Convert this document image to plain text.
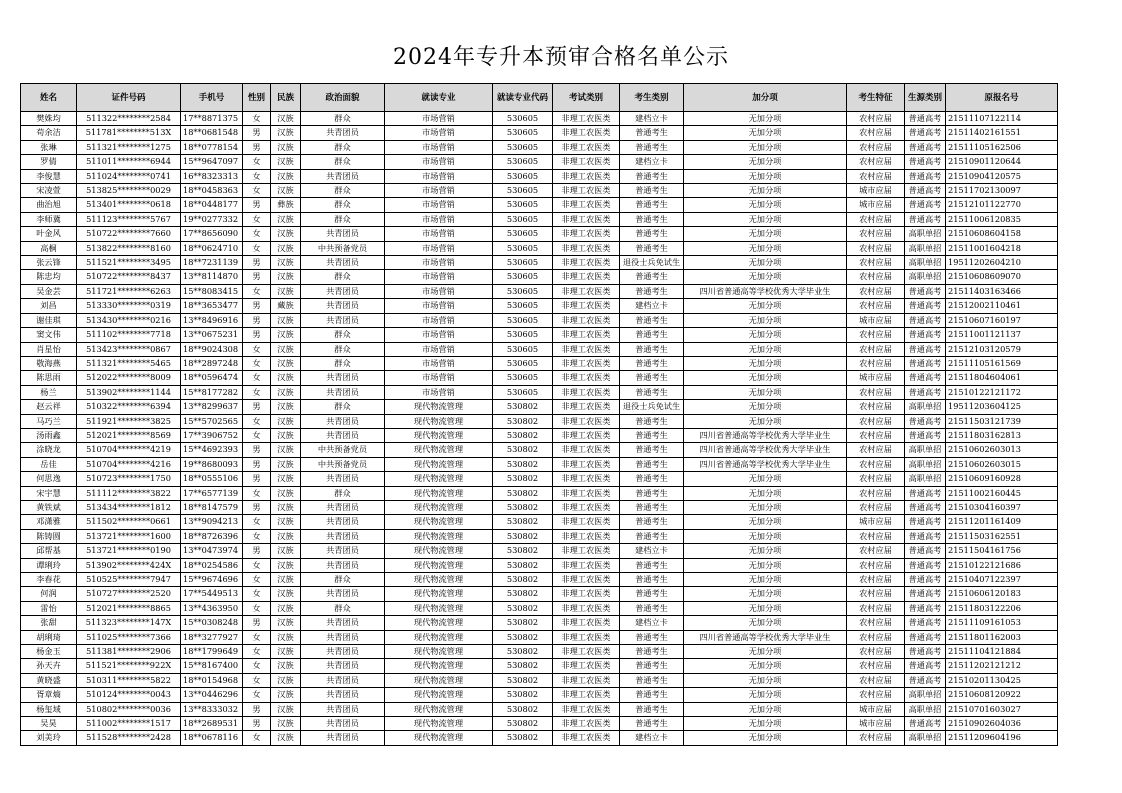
2024年专升本预审合格名单公示
姓名	证件号码	手机号	性别	民族	政治面貌	就读专业	就读专业代码	考试类别	考生类别	加分项	考生特征	生源类别	原报名号
樊姝均	511322********2584	17**8871375	女	汉族	群众	市场营销	530605	非理工农医类	建档立卡	无加分项	农村应届	普通高考	21511107122114
苟余洁	511781********513X	18**0681548	男	汉族	共青团员	市场营销	530605	非理工农医类	普通考生	无加分项	农村应届	普通高考	21511402161551
张琳	511321********1275	18**0778154	男	汉族	群众	市场营销	530605	非理工农医类	普通考生	无加分项	农村应届	普通高考	21511105162506
罗倩	511011********6944	15**9647097	女	汉族	群众	市场营销	530605	非理工农医类	建档立卡	无加分项	农村应届	普通高考	21510901120644
李俊慧	511024********0741	16**8323313	女	汉族	共青团员	市场营销	530605	非理工农医类	普通考生	无加分项	农村应届	普通高考	21510904120575
宋凌萱	513825********0029	18**0458363	女	汉族	群众	市场营销	530605	非理工农医类	普通考生	无加分项	城市应届	普通高考	21511702130097
曲治旭	513401********0618	18**0448177	男	彝族	群众	市场营销	530605	非理工农医类	普通考生	无加分项	城市应届	普通高考	21512101122770
李师冀	511123********5767	19**0277332	女	汉族	群众	市场营销	530605	非理工农医类	普通考生	无加分项	农村应届	普通高考	21511006120835
叶金风	510722********7660	17**8656090	女	汉族	共青团员	市场营销	530605	非理工农医类	普通考生	无加分项	农村应届	高职单招	21510608604158
高桐	513822********8160	18**0624710	女	汉族	中共预备党员	市场营销	530605	非理工农医类	普通考生	无加分项	农村应届	高职单招	21511001604218
张云锋	511521********3495	18**7231139	男	汉族	共青团员	市场营销	530605	非理工农医类	退役士兵免试生	无加分项	农村应届	高职单招	19511202604210
陈忠均	510722********8437	13**8114870	男	汉族	群众	市场营销	530605	非理工农医类	普通考生	无加分项	农村应届	高职单招	21510608609070
吴金芸	511721********6263	15**8083415	女	汉族	共青团员	市场营销	530605	非理工农医类	普通考生	四川省普通高等学校优秀大学毕业生	农村应届	普通高考	21511403163466
刘昌	513330********0319	18**3653477	男	藏族	共青团员	市场营销	530605	非理工农医类	建档立卡	无加分项	农村应届	普通高考	21512002110461
谢佳琪	513430********0216	13**8496916	男	汉族	共青团员	市场营销	530605	非理工农医类	普通考生	无加分项	城市应届	普通高考	21510607160197
窦文伟	511102********7718	13**0675231	男	汉族	群众	市场营销	530605	非理工农医类	普通考生	无加分项	农村应届	普通高考	21511001121137
肖星怡	513423********0867	18**9024308	女	汉族	群众	市场营销	530605	非理工农医类	普通考生	无加分项	农村应届	普通高考	21512103120579
敬海燕	511321********5465	18**2897248	女	汉族	群众	市场营销	530605	非理工农医类	普通考生	无加分项	农村应届	普通高考	21511105161569
陈思雨	512022********8009	18**0596474	女	汉族	共青团员	市场营销	530605	非理工农医类	普通考生	无加分项	城市应届	普通高考	21511804604061
杨兰	513902********1144	15**8177282	女	汉族	共青团员	市场营销	530605	非理工农医类	普通考生	无加分项	农村应届	普通高考	21510122121172
赵云祥	510322********6394	13**8299637	男	汉族	群众	现代物流管理	530802	非理工农医类	退役士兵免试生	无加分项	农村应届	高职单招	19511203604125
马巧兰	511921********3825	15**5702565	女	汉族	共青团员	现代物流管理	530802	非理工农医类	普通考生	无加分项	农村应届	普通高考	21511503121739
汤雨鑫	512021********8569	17**3906752	女	汉族	共青团员	现代物流管理	530802	非理工农医类	普通考生	四川省普通高等学校优秀大学毕业生	农村应届	普通高考	21511803162813
涂晓龙	510704********4219	15**4692393	男	汉族	中共预备党员	现代物流管理	530802	非理工农医类	普通考生	四川省普通高等学校优秀大学毕业生	农村应届	高职单招	21510602603013
岳佳	510704********4216	19**8680093	男	汉族	中共预备党员	现代物流管理	530802	非理工农医类	普通考生	四川省普通高等学校优秀大学毕业生	农村应届	高职单招	21510602603015
何思逸	510723********1750	18**0555106	男	汉族	共青团员	现代物流管理	530802	非理工农医类	普通考生	无加分项	农村应届	高职单招	21510609160928
宋宇慧	511112********3822	17**6577139	女	汉族	群众	现代物流管理	530802	非理工农医类	普通考生	无加分项	农村应届	普通高考	21511002160445
黄铁斌	513434********1812	18**8147579	男	汉族	共青团员	现代物流管理	530802	非理工农医类	普通考生	无加分项	农村应届	普通高考	21510304160397
邓潇雅	511502********0661	13**9094213	女	汉族	共青团员	现代物流管理	530802	非理工农医类	普通考生	无加分项	城市应届	普通高考	21511201161409
陈铸圆	513721********1600	18**8726396	女	汉族	共青团员	现代物流管理	530802	非理工农医类	普通考生	无加分项	农村应届	普通高考	21511503162551
邱帮基	513721********0190	13**0473974	男	汉族	共青团员	现代物流管理	530802	非理工农医类	建档立卡	无加分项	农村应届	普通高考	21511504161756
谭琍玲	513902********424X	18**0254586	女	汉族	共青团员	现代物流管理	530802	非理工农医类	普通考生	无加分项	农村应届	普通高考	21510122121686
李春花	510525********7947	15**9674696	女	汉族	群众	现代物流管理	530802	非理工农医类	普通考生	无加分项	农村应届	普通高考	21510407122397
何润	510727********2520	17**5449513	女	汉族	共青团员	现代物流管理	530802	非理工农医类	普通考生	无加分项	农村应届	普通高考	21510606120183
雷怡	512021********8865	13**4363950	女	汉族	群众	现代物流管理	530802	非理工农医类	普通考生	无加分项	农村应届	普通高考	21511803122206
张甜	511323********147X	15**0308248	男	汉族	共青团员	现代物流管理	530802	非理工农医类	建档立卡	无加分项	农村应届	普通高考	21511109161053
胡琍琦	511025********7366	18**3277927	女	汉族	共青团员	现代物流管理	530802	非理工农医类	普通考生	四川省普通高等学校优秀大学毕业生	农村应届	普通高考	21511801162003
杨金玉	511381********2906	18**1799649	女	汉族	共青团员	现代物流管理	530802	非理工农医类	普通考生	无加分项	农村应届	普通高考	21511104121884
孙天卉	511521********922X	15**8167400	女	汉族	共青团员	现代物流管理	530802	非理工农医类	普通考生	无加分项	农村应届	普通高考	21511202121212
黄晓盛	510311********5822	18**0154968	女	汉族	共青团员	现代物流管理	530802	非理工农医类	普通考生	无加分项	农村应届	普通高考	21510201130425
胥章熵	510124********0043	13**0446296	女	汉族	共青团员	现代物流管理	530802	非理工农医类	普通考生	无加分项	农村应届	高职单招	21510608120922
杨玺域	510802********0036	13**8333032	男	汉族	共青团员	现代物流管理	530802	非理工农医类	普通考生	无加分项	城市应届	高职单招	21510701603027
吴昊	511002********1517	18**2689531	男	汉族	共青团员	现代物流管理	530802	非理工农医类	普通考生	无加分项	城市应届	普通高考	21510902604036
刘美玲	511528********2428	18**0678116	女	汉族	共青团员	现代物流管理	530802	非理工农医类	建档立卡	无加分项	农村应届	高职单招	21511209604196
